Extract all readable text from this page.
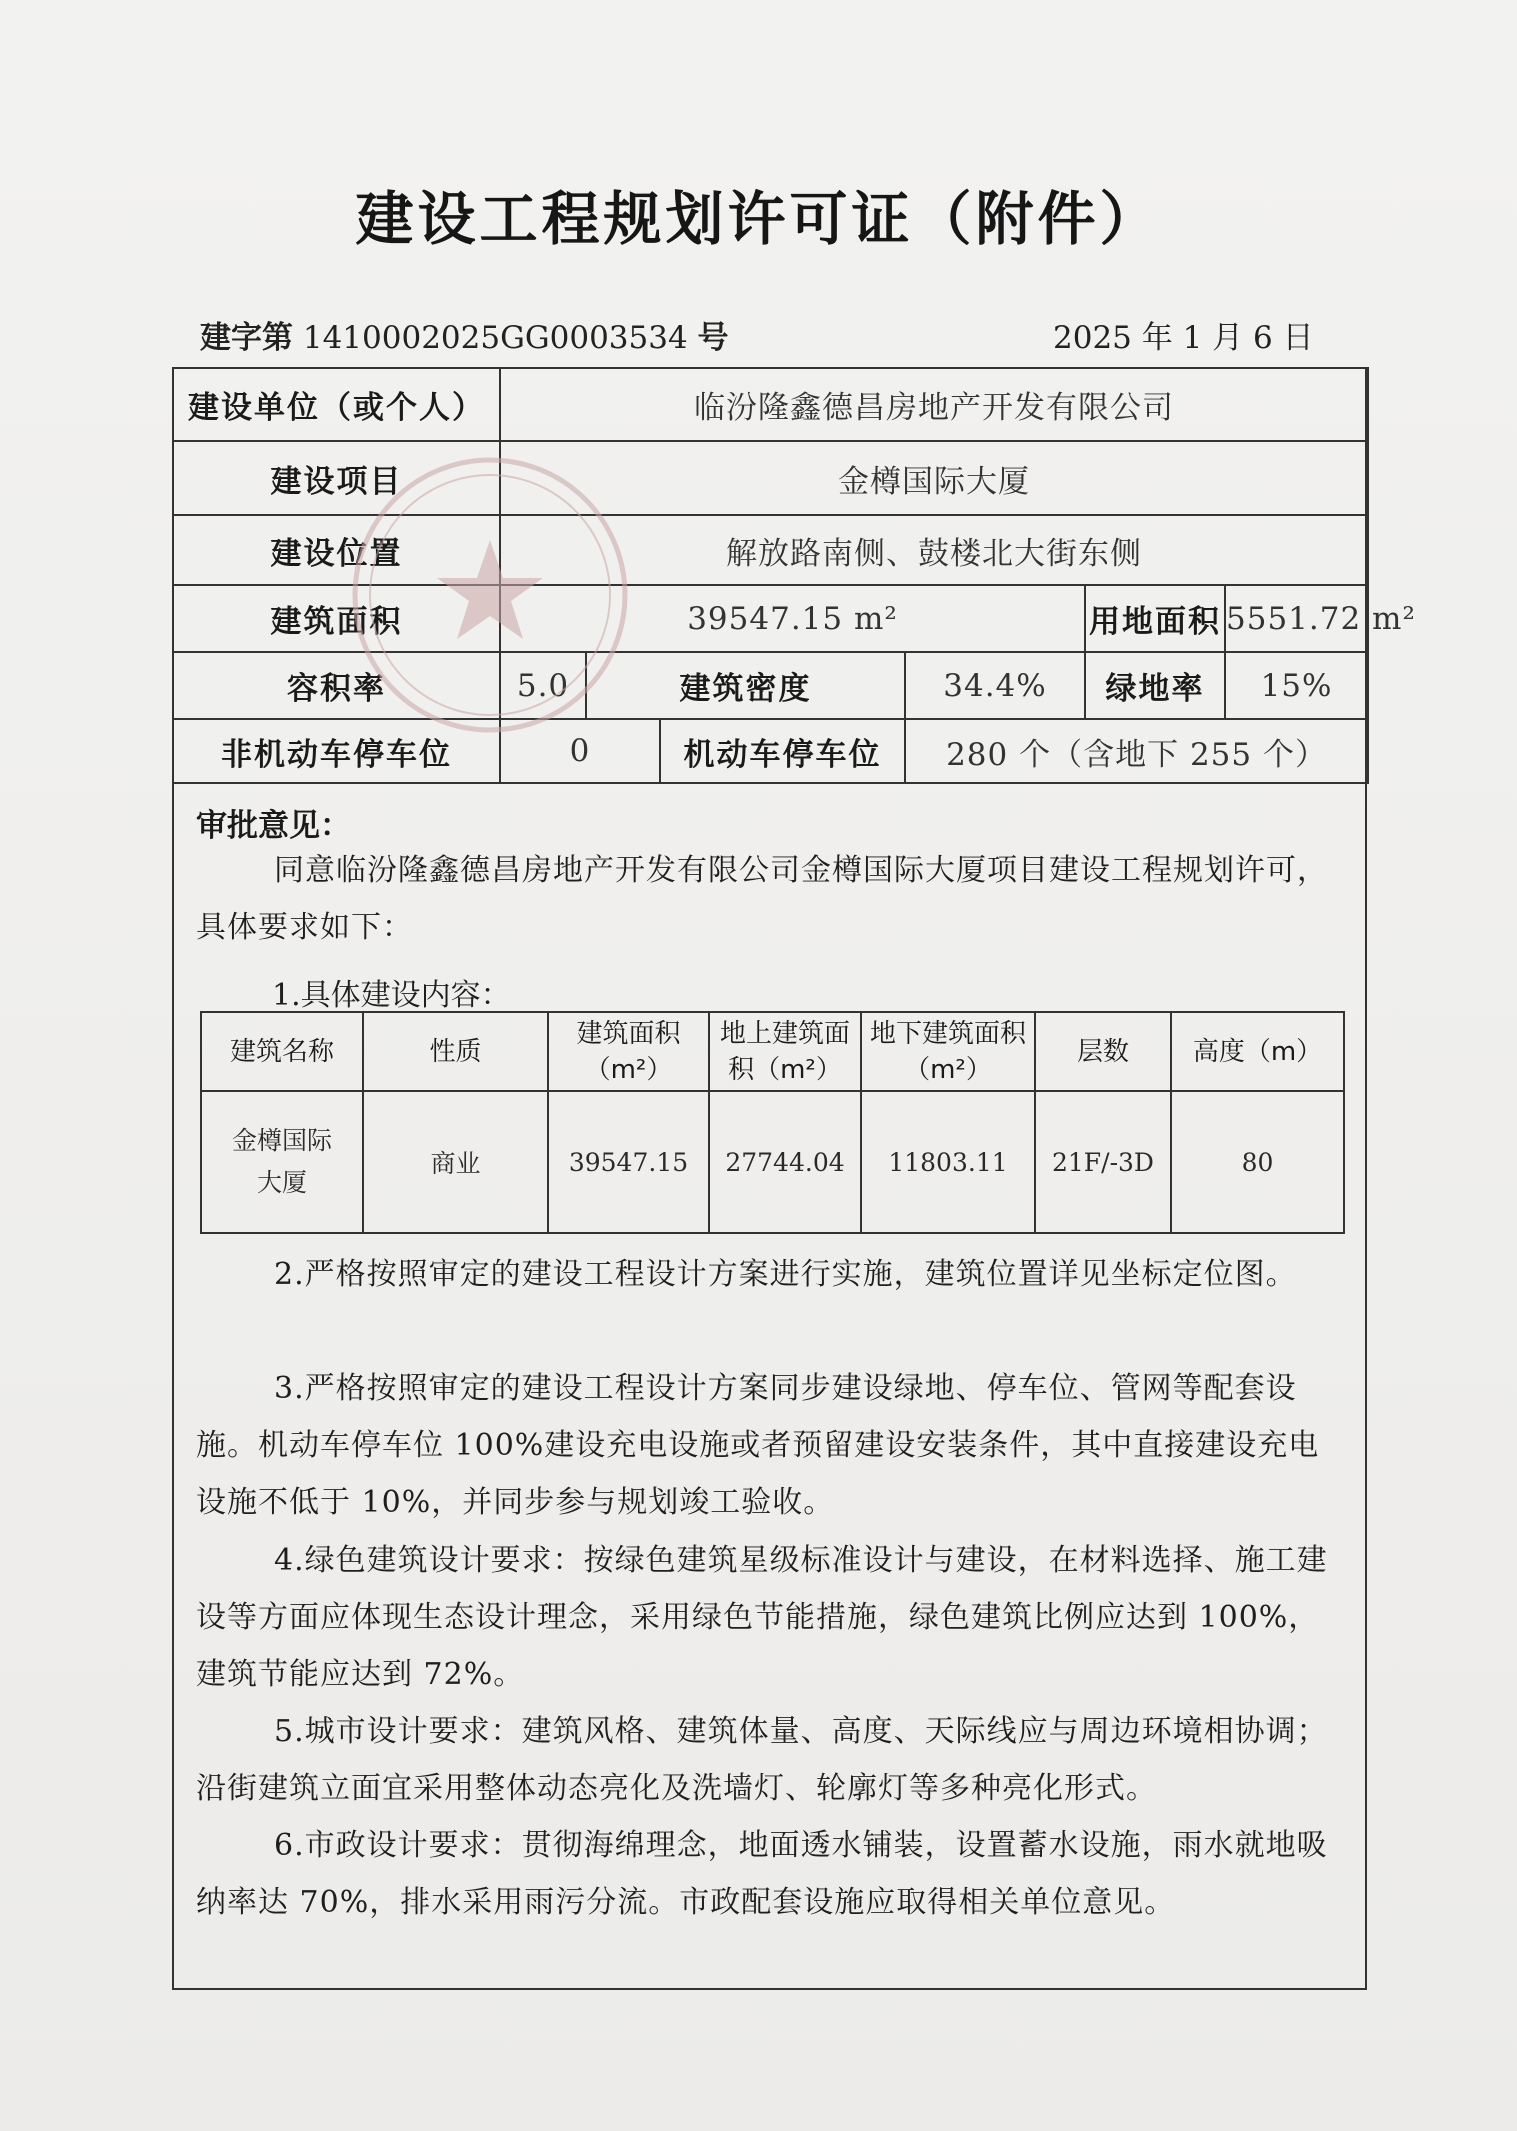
建设工程规划许可证（附件）
建字第 1410002025GG0003534 号	2025 年 1 月 6 日
建设单位（或个人）	临汾隆鑫德昌房地产开发有限公司					
建设项目	金樽国际大厦					
建设位置	解放路南侧、鼓楼北大街东侧					
建筑面积	39547.15 m²				用地面积	5551.72 m²
容积率	5.0	建筑密度		34.4%	绿地率	15%
非机动车停车位	0		机动车停车位	280 个（含地下 255 个）		
审批意见：

同意临汾隆鑫德昌房地产开发有限公司金樽国际大厦项目建设工程规划许可，具体要求如下：

1.具体建设内容：
建筑名称	性质	建筑面积（m²）	地上建筑面积（m²）	地下建筑面积（m²）	层数	高度（m）
金樽国际大厦	商业	39547.15	27744.04	11803.11	21F/-3D	80

2.严格按照审定的建设工程设计方案进行实施，建筑位置详见坐标定位图。

3.严格按照审定的建设工程设计方案同步建设绿地、停车位、管网等配套设施。机动车停车位 100%建设充电设施或者预留建设安装条件，其中直接建设充电设施不低于 10%，并同步参与规划竣工验收。

4.绿色建筑设计要求：按绿色建筑星级标准设计与建设，在材料选择、施工建设等方面应体现生态设计理念，采用绿色节能措施，绿色建筑比例应达到 100%，建筑节能应达到 72%。

5.城市设计要求：建筑风格、建筑体量、高度、天际线应与周边环境相协调；沿街建筑立面宜采用整体动态亮化及洗墙灯、轮廓灯等多种亮化形式。

6.市政设计要求：贯彻海绵理念，地面透水铺装，设置蓄水设施，雨水就地吸纳率达 70%，排水采用雨污分流。市政配套设施应取得相关单位意见。
